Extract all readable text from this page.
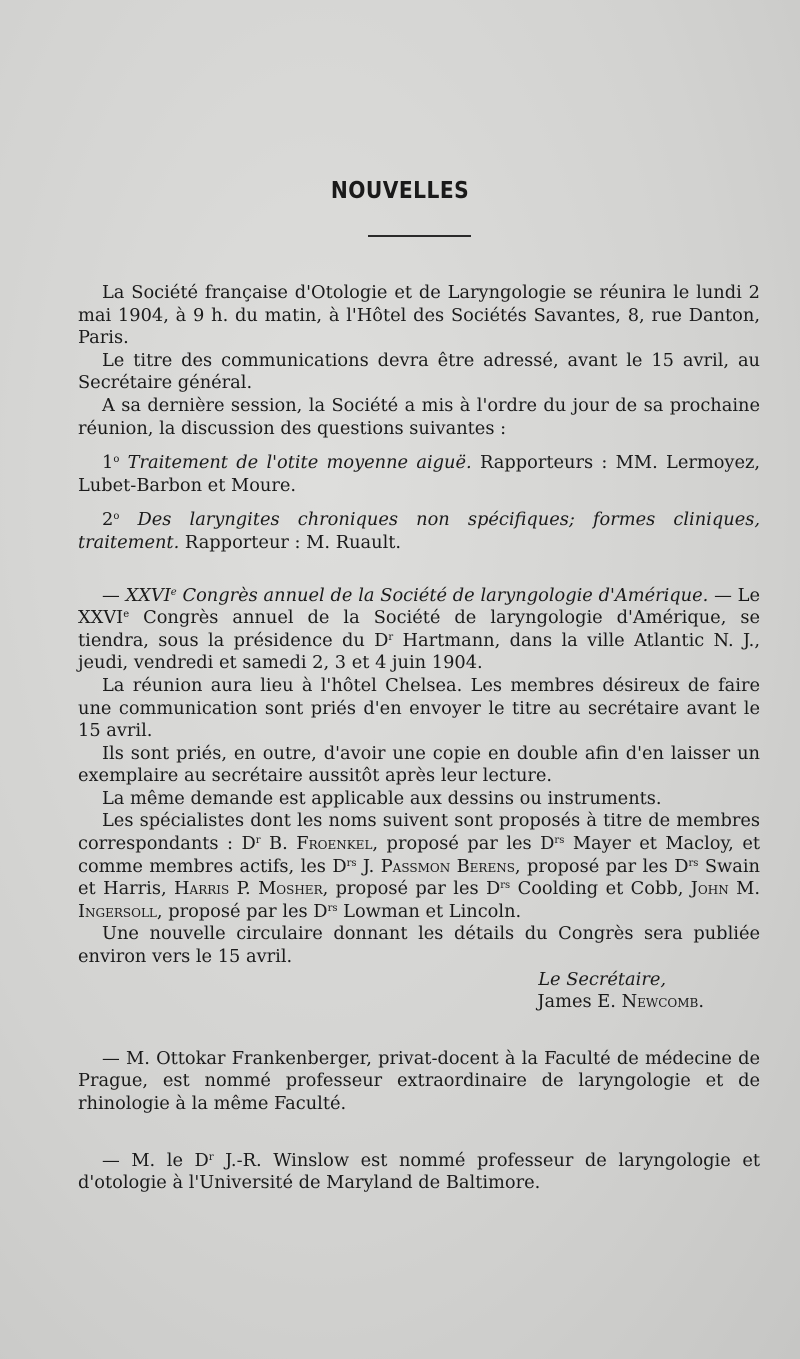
NOUVELLES

La Société française d'Otologie et de Laryngologie se réunira le lundi 2 mai 1904, à 9 h. du matin, à l'Hôtel des Sociétés Savantes, 8, rue Danton, Paris.

Le titre des communications devra être adressé, avant le 15 avril, au Secrétaire général.

A sa dernière session, la Société a mis à l'ordre du jour de sa prochaine réunion, la discussion des questions suivantes :

1$^o$ Traitement de l'otite moyenne aiguë. Rapporteurs : MM. Lermoyez, Lubet-Barbon et Moure.

2$^o$ Des laryngites chroniques non spécifiques; formes cliniques, traitement. Rapporteur : M. Ruault.

— XXVIe Congrès annuel de la Société de laryngologie d'Amérique. — Le XXVIe Congrès annuel de la Société de laryngologie d'Amérique, se tiendra, sous la présidence du $D^r$ Hartmann, dans la ville Atlantic N. J., jeudi, vendredi et samedi 2, 3 et 4 juin 1904.

La réunion aura lieu à l'hôtel Chelsea. Les membres désireux de faire une communication sont priés d'en envoyer le titre au secrétaire avant le 15 avril.

Ils sont priés, en outre, d'avoir une copie en double afin d'en laisser un exemplaire au secrétaire aussitôt après leur lecture.

La même demande est applicable aux dessins ou instruments.

Les spécialistes dont les noms suivent sont proposés à titre de membres correspondants : $D^r$ B. Froenkel, proposé par les $D^{rs}$ Mayer et Macloy, et comme membres actifs, les $D^{rs}$ J. Passmon Berens, proposé par les $D^{rs}$ Swain et Harris, Harris P. Mosher, proposé par les $D^{rs}$ Coolding et Cobb, John M. Ingersoll, proposé par les $D^{rs}$ Lowman et Lincoln.

Une nouvelle circulaire donnant les détails du Congrès sera publiée environ vers le 15 avril.

Le Secrétaire,

James E. Newcomb.

— M. Ottokar Frankenberger, privat-docent à la Faculté de médecine de Prague, est nommé professeur extraordinaire de laryngologie et de rhinologie à la même Faculté.

— M. le $D^r$ J.-R. Winslow est nommé professeur de laryngologie et d'otologie à l'Université de Maryland de Baltimore.
